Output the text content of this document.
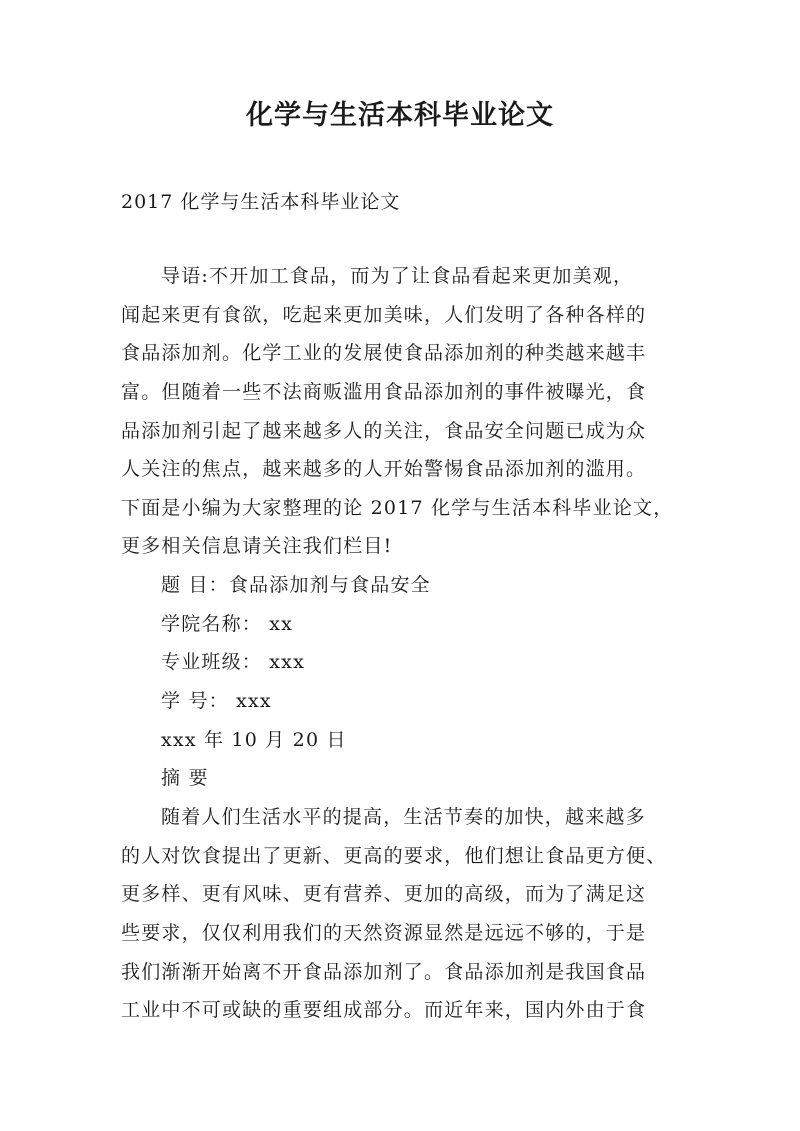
化学与生活本科毕业论文

2017 化学与生活本科毕业论文

导语:不开加工食品，而为了让食品看起来更加美观，

闻起来更有食欲，吃起来更加美味，人们发明了各种各样的

食品添加剂。化学工业的发展使食品添加剂的种类越来越丰

富。但随着一些不法商贩滥用食品添加剂的事件被曝光，食

品添加剂引起了越来越多人的关注，食品安全问题已成为众

人关注的焦点，越来越多的人开始警惕食品添加剂的滥用。

下面是小编为大家整理的论 2017 化学与生活本科毕业论文，

更多相关信息请关注我们栏目!

题 目：食品添加剂与食品安全

学院名称： xx

专业班级： xxx

学 号： xxx

xxx 年 10 月 20 日

摘 要

随着人们生活水平的提高，生活节奏的加快，越来越多

的人对饮食提出了更新、更高的要求，他们想让食品更方便、

更多样、更有风味、更有营养、更加的高级，而为了满足这

些要求，仅仅利用我们的天然资源显然是远远不够的，于是

我们渐渐开始离不开食品添加剂了。食品添加剂是我国食品

工业中不可或缺的重要组成部分。而近年来，国内外由于食
